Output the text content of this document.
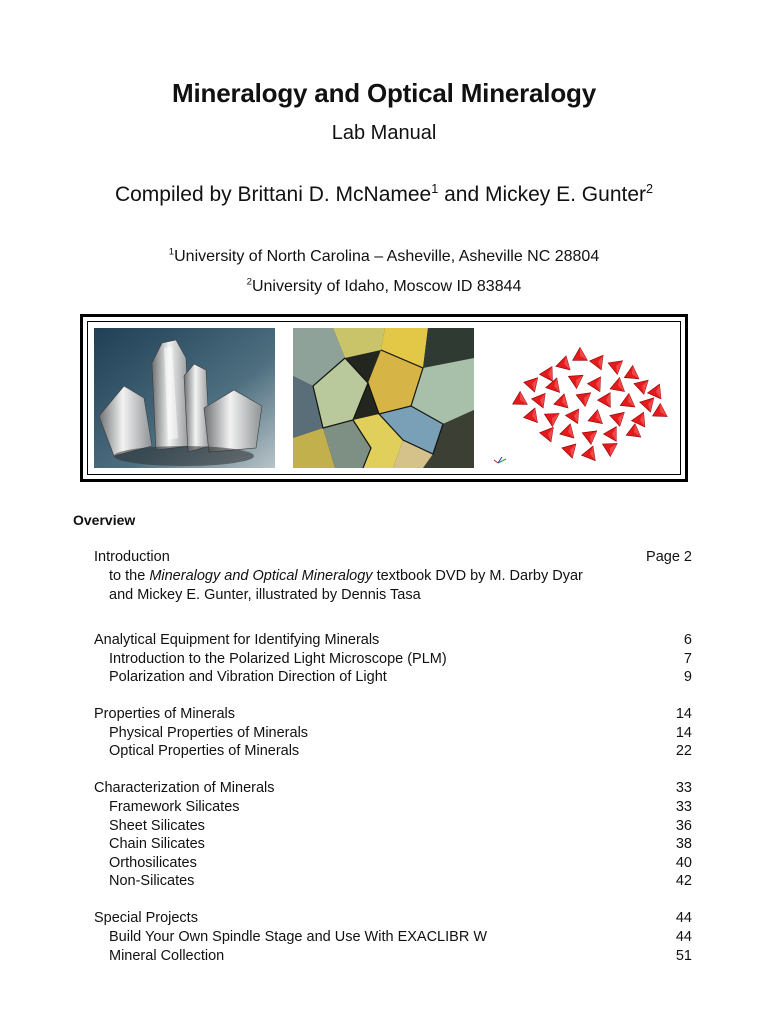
Mineralogy and Optical Mineralogy
Lab Manual
Compiled by Brittani D. McNamee$^1$ and Mickey E. Gunter$^2$
$^1$University of North Carolina – Asheville, Asheville NC 28804
$^2$University of Idaho, Moscow ID 83844
Overview
Introduction	Page 2
to the Mineralogy and Optical Mineralogy textbook DVD by M. Darby Dyar
and Mickey E. Gunter, illustrated by Dennis Tasa
Analytical Equipment for Identifying Minerals	6
Introduction to the Polarized Light Microscope (PLM)	7
Polarization and Vibration Direction of Light	9
Properties of Minerals	14
Physical Properties of Minerals	14
Optical Properties of Minerals	22
Characterization of Minerals	33
Framework Silicates	33
Sheet Silicates	36
Chain Silicates	38
Orthosilicates	40
Non-Silicates	42
Special Projects	44
Build Your Own Spindle Stage and Use With EXACLIBR W	44
Mineral Collection	51
